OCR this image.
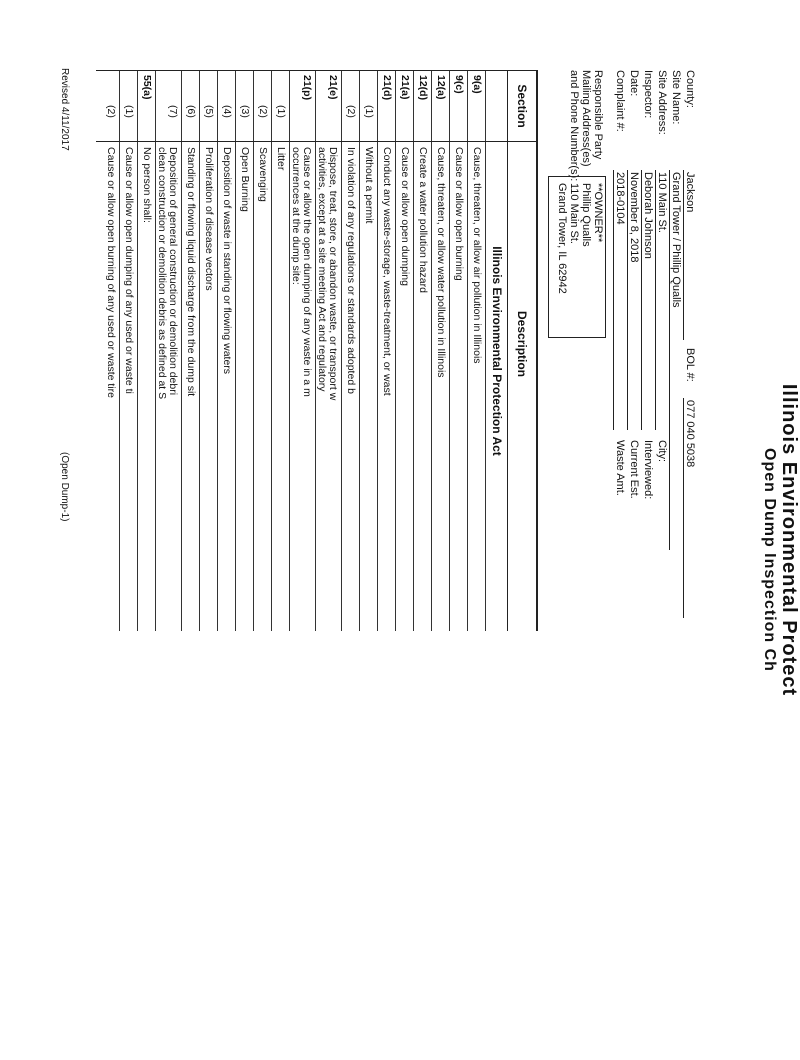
Illinois Environmental Protect
Open Dump Inspection Ch
County:
Site Name:
Site Address:
Inspector:
Date:
Complaint #:
Jackson
Grand Tower / Phillip Qualls
110 Main St.
Deborah Johnson
November 8, 2018
2018-0104
BOL #:
077 040 5038
City:
Interviewed:
Current Est.
Waste Amt.
Responsible Party
Mailing Address(es)
and Phone Number(s):
**OWNER**
Phillip Qualls
110 Main St.
Grand Tower, IL 62942
Section
Description
Illinois Environmental Protection Act
9(a)
Cause, threaten, or allow air pollution in Illinois
9(c)
Cause or allow open burning
12(a)
Cause, threaten, or allow water pollution in Illinois
12(d)
Create a water pollution hazard
21(a)
Cause or allow open dumping
21(d)
Conduct any waste-storage, waste-treatment, or wast
(1)
Without a permit
(2)
In violation of any regulations or standards adopted b
21(e)
Dispose, treat, store, or abandon waste, or transport w
activities, except at a site meeting Act and regulatory
21(p)
Cause or allow the open dumping of any waste in a m
occurrences at the dump site:
(1)
Litter
(2)
Scavenging
(3)
Open Burning
(4)
Deposition of waste in standing or flowing waters
(5)
Proliferation of disease vectors
(6)
Standing or flowing liquid discharge from the dump sit
(7)
Deposition of general construction or demolition debri
clean construction or demolition debris as defined at S
55(a)
No person shall:
(1)
Cause or allow open dumping of any used or waste ti
(2)
Cause or allow open burning of any used or waste tire
Revised 4/11/2017
(Open Dump-1)
